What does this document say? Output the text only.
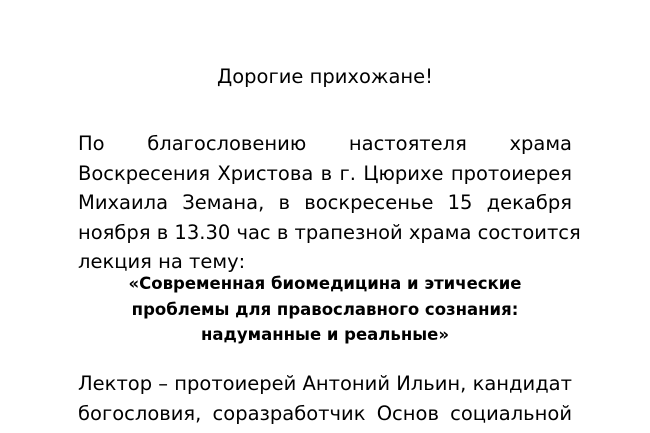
Дорогие прихожане!
По благословению настоятеля храма
Воскресения Христова в г. Цюрихе протоиерея
Михаила Земана, в воскресенье 15 декабря
ноября в 13.30 час в трапезной храма состоится
лекция на тему:
«Современная биомедицина и этические
проблемы для православного сознания:
надуманные и реальные»
Лектор – протоиерей Антоний Ильин, кандидат
богословия, соразработчик Основ социальной
